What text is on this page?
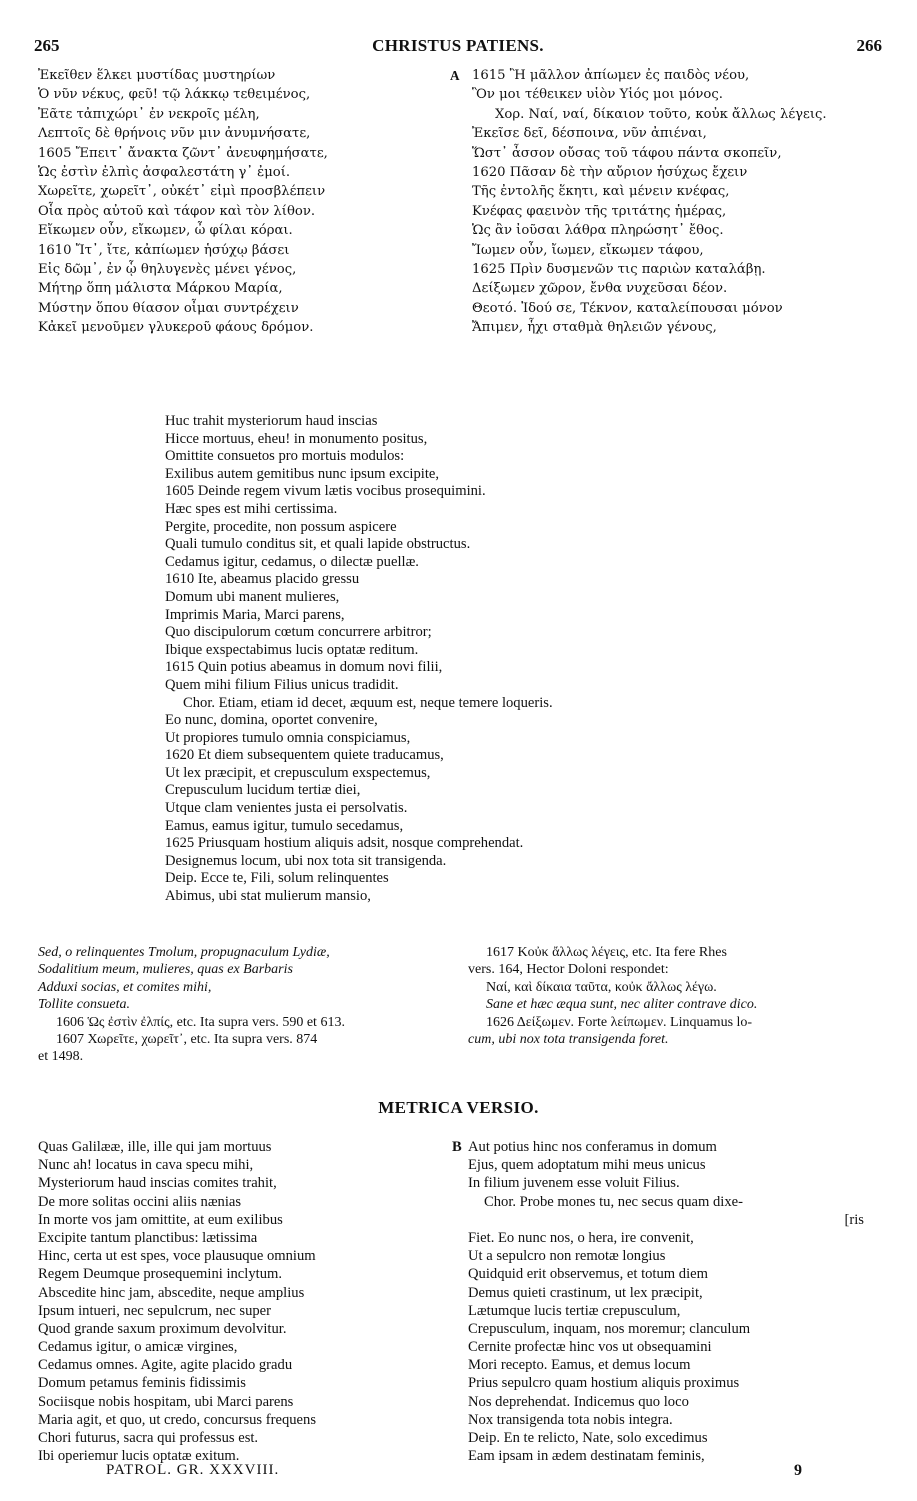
265	CHRISTUS PATIENS.	266
Ἐκεῖθεν ἕλκει μυστίδας μυστηρίων
Ὁ νῦν νέκυς, φεῦ! τῷ λάκκῳ τεθειμένος,
Ἐᾶτε τἀπιχώρι᾽ ἐν νεκροῖς μέλη,
Λεπτοῖς δὲ θρήνοις νῦν μιν ἀνυμνήσατε,
1605 Ἔπειτ᾽ ἄνακτα ζῶντ᾽ ἀνευφημήσατε,
Ὡς ἐστὶν ἐλπὶς ἀσφαλεστάτη γ᾽ ἐμοί.
Χωρεῖτε, χωρεῖτ᾽, οὐκέτ᾽ εἰμὶ προσβλέπειν
Οἷα πρὸς αὐτοῦ καὶ τάφον καὶ τὸν λίθον.
Εἴκωμεν οὖν, εἴκωμεν, ὦ φίλαι κόραι.
1610 Ἴτ᾽, ἴτε, κἀπίωμεν ἡσύχῳ βάσει
Εἰς δῶμ᾽, ἐν ᾧ θηλυγενὲς μένει γένος,
Μήτηρ ὅπη μάλιστα Μάρκου Μαρία,
Μύστην ὅπου θίασον οἶμαι συντρέχειν
Κἀκεῖ μενοῦμεν γλυκεροῦ φάους δρόμον.
A 1615 Ἢ μᾶλλον ἀπίωμεν ἐς παιδὸς νέου,
Ὃν μοι τέθεικεν υἱὸν Υἱός μοι μόνος.
Χορ. Ναί, ναί, δίκαιον τοῦτο, κοὐκ ἄλλως λέγεις.
Ἐκεῖσε δεῖ, δέσποινα, νῦν ἀπιέναι,
Ὥστ᾽ ἆσσον οὔσας τοῦ τάφου πάντα σκοπεῖν,
1620 Πᾶσαν δὲ τὴν αὔριον ἡσύχως ἔχειν
Τῆς ἐντολῆς ἕκητι, καὶ μένειν κνέφας,
Κνέφας φαεινὸν τῆς τριτάτης ἡμέρας,
Ὡς ἂν ἰοῦσαι λάθρα πληρώσητ᾽ ἔθος.
Ἴωμεν οὖν, ἴωμεν, εἴκωμεν τάφου,
1625 Πρὶν δυσμενῶν τις παριὼν καταλάβῃ.
Δείξωμεν χῶρον, ἔνθα νυχεῦσαι δέον.
Θεοτό. Ἰδού σε, Τέκνον, καταλείπουσαι μόνον
Ἄπιμεν, ἧχι σταθμὰ θηλειῶν γένους,
Huc trahit mysteriorum haud inscias
Hicce mortuus, eheu! in monumento positus,
Omittite consuetos pro mortuis modulos:
Exilibus autem gemitibus nunc ipsum excipite,
1605 Deinde regem vivum lætis vocibus prosequimini.
Hæc spes est mihi certissima.
Pergite, procedite, non possum aspicere
Quali tumulo conditus sit, et quali lapide obstructus.
Cedamus igitur, cedamus, o dilectæ puellæ.
1610 Ite, abeamus placido gressu
Domum ubi manent mulieres,
Imprimis Maria, Marci parens,
Quo discipulorum cœtum concurrere arbitror;
Ibique exspectabimus lucis optatæ reditum.
1615 Quin potius abeamus in domum novi filii,
Quem mihi filium Filius unicus tradidit.
Chor. Etiam, etiam id decet, æquum est, neque temere loqueris.
Eo nunc, domina, oportet convenire,
Ut propiores tumulo omnia conspiciamus,
1620 Et diem subsequentem quiete traducamus,
Ut lex præcipit, et crepusculum exspectemus,
Crepusculum lucidum tertiæ diei,
Utque clam venientes justa ei persolvatis.
Eamus, eamus igitur, tumulo secedamus,
1625 Priusquam hostium aliquis adsit, nosque comprehendat.
Designemus locum, ubi nox tota sit transigenda.
Deip. Ecce te, Fili, solum relinquentes
Abimus, ubi stat mulierum mansio,
Sed, o relinquentes Tmolum, propugnaculum Lydiæ,
Sodalitium meum, mulieres, quas ex Barbaris
Adduxi socias, et comites mihi,
Tollite consueta.
1606 Ὡς ἐστὶν ἐλπίς, etc. Ita supra vers. 590 et 613.
1607 Χωρεῖτε, χωρεῖτ᾽, etc. Ita supra vers. 874
et 1498.
1617 Κοὐκ ἄλλως λέγεις, etc. Ita fere Rhes
vers. 164, Hector Doloni respondet:
Ναί, καὶ δίκαια ταῦτα, κοὐκ ἄλλως λέγω.
Sane et hæc æqua sunt, nec aliter contrave dico.
1626 Δείξωμεν. Forte λείπωμεν. Linquamus lo-
cum, ubi nox tota transigenda foret.
METRICA VERSIO.
Quas Galilææ, ille, ille qui jam mortuus
Nunc ah! locatus in cava specu mihi,
Mysteriorum haud inscias comites trahit,
De more solitas occini aliis nænias
In morte vos jam omittite, at eum exilibus
Excipite tantum planctibus: lætissima
Hinc, certa ut est spes, voce plausuque omnium
Regem Deumque prosequemini inclytum.
Abscedite hinc jam, abscedite, neque amplius
Ipsum intueri, nec sepulcrum, nec super
Quod grande saxum proximum devolvitur.
Cedamus igitur, o amicæ virgines,
Cedamus omnes. Agite, agite placido gradu
Domum petamus feminis fidissimis
Sociisque nobis hospitam, ubi Marci parens
Maria agit, et quo, ut credo, concursus frequens
Chori futurus, sacra qui professus est.
Ibi operiemur lucis optatæ exitum.
B Aut potius hinc nos conferamus in domum
Ejus, quem adoptatum mihi meus unicus
In filium juvenem esse voluit Filius.
Chor. Probe mones tu, nec secus quam dixe-
[ris
Fiet. Eo nunc nos, o hera, ire convenit,
Ut a sepulcro non remotæ longius
Quidquid erit observemus, et totum diem
Demus quieti crastinum, ut lex præcipit,
Lætumque lucis tertiæ crepusculum,
Crepusculum, inquam, nos moremur; clanculum
Cernite profectæ hinc vos ut obsequamini
Mori recepto. Eamus, et demus locum
Prius sepulcro quam hostium aliquis proximus
Nos deprehendat. Indicemus quo loco
Nox transigenda tota nobis integra.
Deip. En te relicto, Nate, solo excedimus
Eam ipsam in ædem destinatam feminis,
PATROL. GR. XXXVIII.	9
